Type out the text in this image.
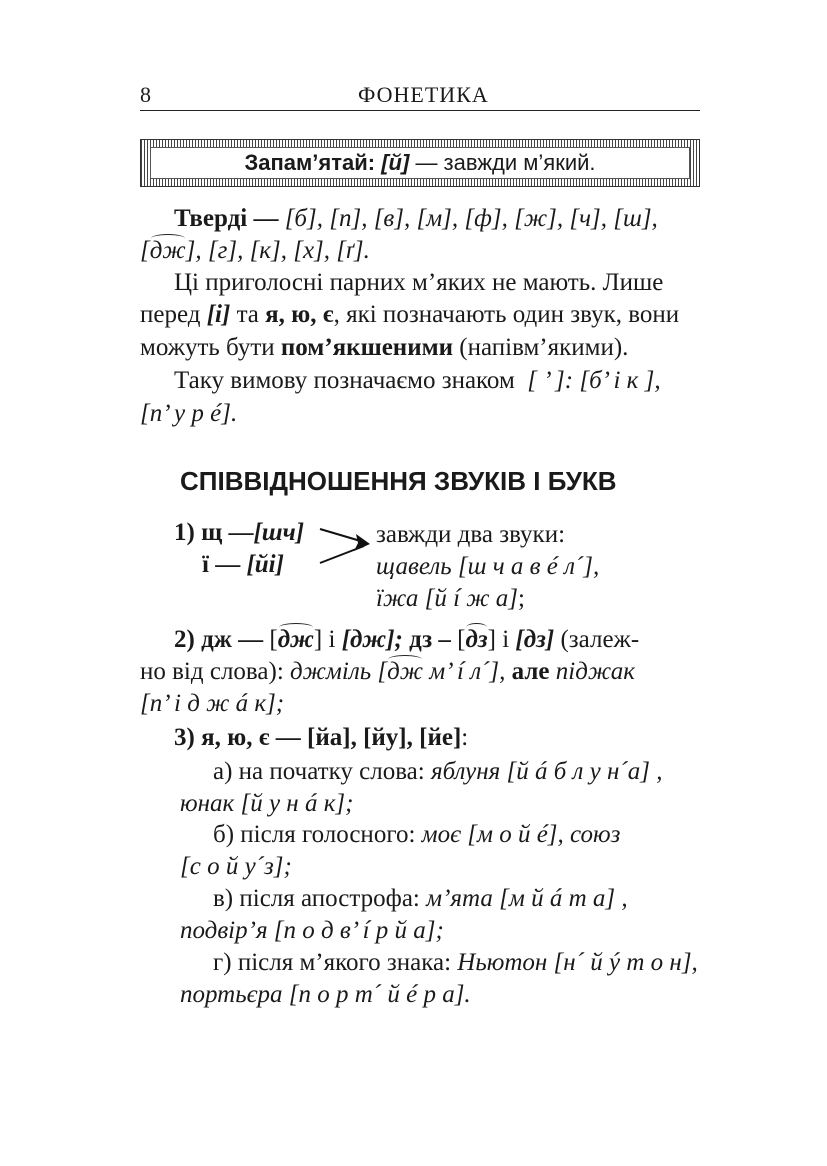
8	ФОНЕТИКА
Запам’ятай:
[й]
— завжди м’який.
Тверді — [б], [п], [в], [м], [ф], [ж], [ч], [ш],
[дж], [г], [к], [х], [ґ].
Ці приголосні парних м’яких не мають. Лише
перед [і] та я, ю, є, які позначають один звук, вони
можуть бути пом’якшеними (напівм’якими).
Таку вимову позначаємо знаком [ ’ ]: [б’ і к ],
[п’ у р é].
СПІВВІДНОШЕННЯ ЗВУКІВ І БУКВ
1) щ —[шч]
ї — [йі]
завжди два звуки:
щавель [ш ч а в é л´],
їжа [й í ж а];
2) дж — [дж] і [дж]; дз – [дз] і [дз] (залеж-
но від слова): джміль [дж м’ í л´], але піджак
[п’ і д ж á к];
3) я, ю, є — [йа], [йу], [йе]:
а) на початку слова: яблуня [й á б л у н´а] ,
юнак [й у н á к];
б) після голосного: моє [м о й é], союз
[с о й у´з];
в) після апострофа: м’ята [м й á т а] ,
подвір’я [п о д в’ í р й а];
г) після м’якого знака: Ньютон [н´ й ý т о н],
портьєра [п о р т´ й é р а].
